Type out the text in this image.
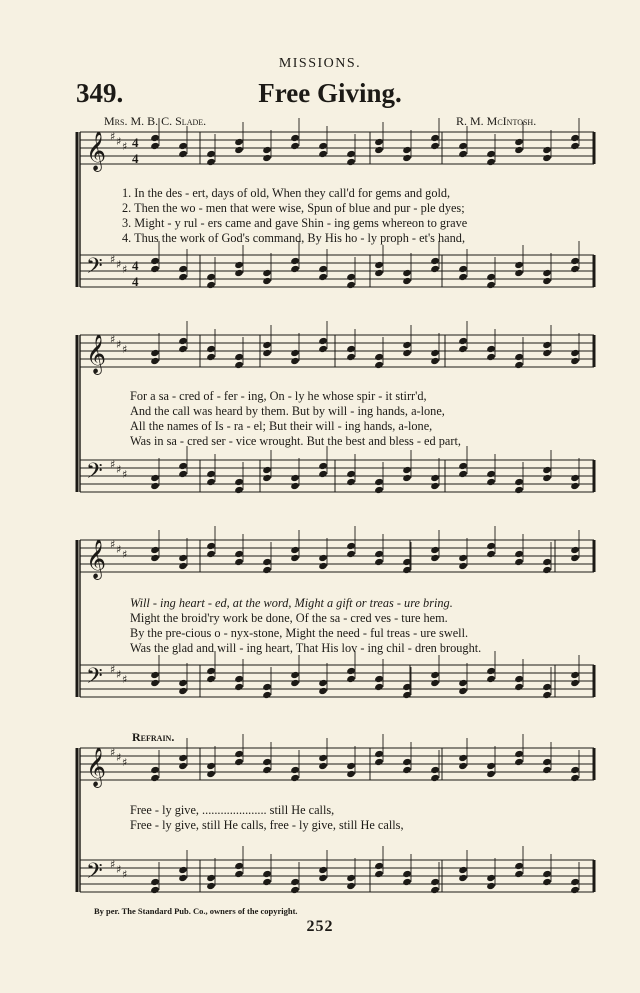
𝄞 ♯ ♯ ♯ 4
4
𝄢 ♯ ♯ ♯ 4
4
𝄞 ♯ ♯ ♯
𝄢 ♯ ♯ ♯
𝄞 ♯ ♯ ♯
𝄢 ♯ ♯ ♯
𝄞 ♯ ♯ ♯
𝄢 ♯ ♯ ♯
MISSIONS.
349.	Free Giving.
Mrs. M. B. C. Slade.	R. M. McIntosh.
1. In the des - ert, days of old, When they call'd for gems and gold,
2. Then the wo - men that were wise, Spun of blue and pur - ple dyes;
3. Might - y rul - ers came and gave Shin - ing gems whereon to grave
4. Thus the work of God's command, By His ho - ly proph - et's hand,
For a sa - cred of - fer - ing, On - ly he whose spir - it stirr'd,
And the call was heard by them. But by will - ing hands, a-lone,
All the names of Is - ra - el; But their will - ing hands, a-lone,
Was in sa - cred ser - vice wrought. But the best and bless - ed part,
Will - ing heart - ed, at the word, Might a gift or treas - ure bring.
Might the broid'ry work be done, Of the sa - cred ves - ture hem.
By the pre-cious o - nyx-stone, Might the need - ful treas - ure swell.
Was the glad and will - ing heart, That His lov - ing chil - dren brought.
Refrain.
Free - ly give, ..................... still He calls,
Free - ly give, still He calls, free - ly give, still He calls,
By per. The Standard Pub. Co., owners of the copyright.
252
